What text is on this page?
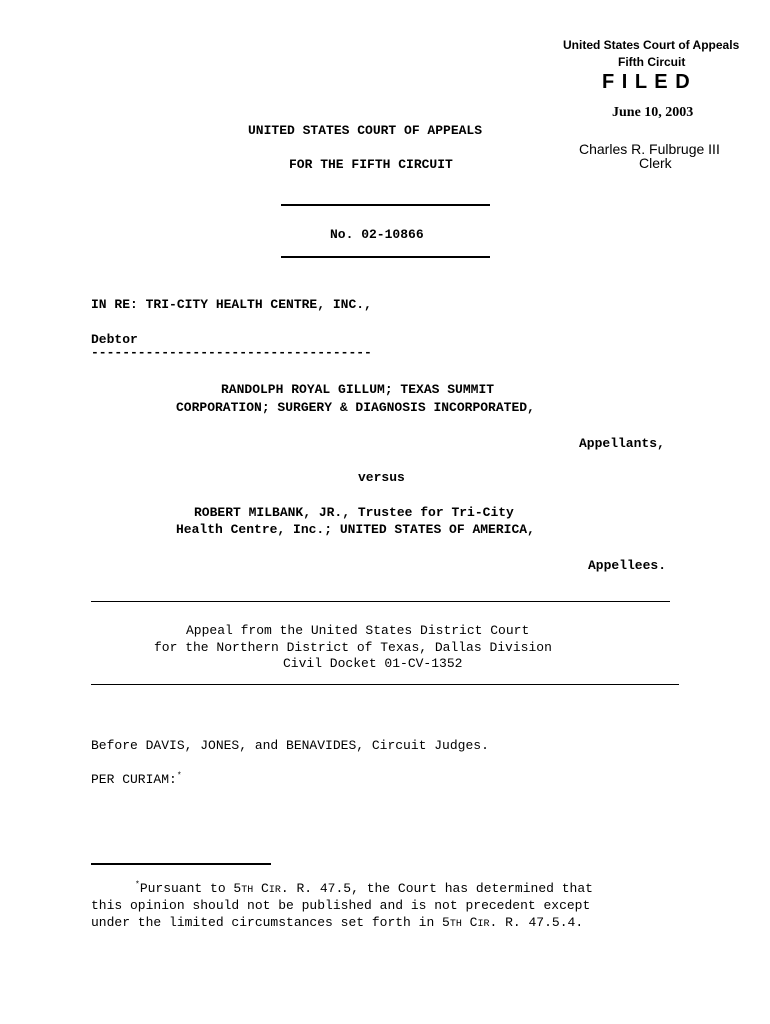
United States Court of Appeals
Fifth Circuit
F I L E D
June 10, 2003
Charles R. Fulbruge III
Clerk
UNITED STATES COURT OF APPEALS
FOR THE FIFTH CIRCUIT
No. 02-10866
IN RE: TRI-CITY HEALTH CENTRE, INC.,
Debtor
------------------------------------
RANDOLPH ROYAL GILLUM; TEXAS SUMMIT
CORPORATION; SURGERY & DIAGNOSIS INCORPORATED,
Appellants,
versus
ROBERT MILBANK, JR., Trustee for Tri-City
Health Centre, Inc.; UNITED STATES OF AMERICA,
Appellees.
Appeal from the United States District Court
for the Northern District of Texas, Dallas Division
Civil Docket 01-CV-1352
Before DAVIS, JONES, and BENAVIDES, Circuit Judges.
PER CURIAM:*
*Pursuant to 5TH CIR. R. 47.5, the Court has determined that
this opinion should not be published and is not precedent except
under the limited circumstances set forth in 5TH CIR. R. 47.5.4.
